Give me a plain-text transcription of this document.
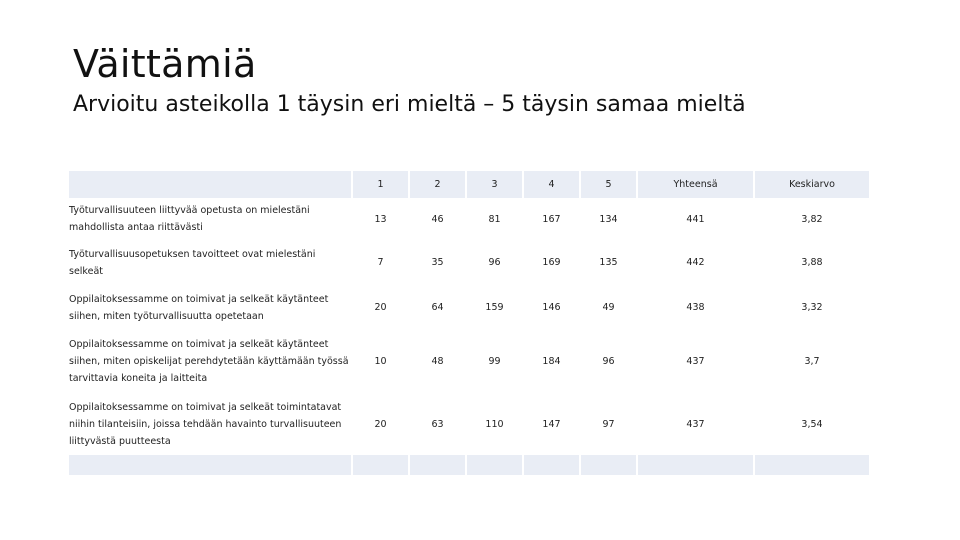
Väittämiä
Arvioitu asteikolla 1 täysin eri mieltä – 5 täysin samaa mieltä
	1	2	3	4	5	Yhteensä	Keskiarvo
Työturvallisuuteen liittyvää opetusta on mielestäni mahdollista antaa riittävästi	13	46	81	167	134	441	3,82
Työturvallisuusopetuksen tavoitteet ovat mielestäni selkeät	7	35	96	169	135	442	3,88
Oppilaitoksessamme on toimivat ja selkeät käytänteet siihen, miten työturvallisuutta opetetaan	20	64	159	146	49	438	3,32
Oppilaitoksessamme on toimivat ja selkeät käytänteet siihen, miten opiskelijat perehdytetään käyttämään työssä tarvittavia koneita ja laitteita	10	48	99	184	96	437	3,7
Oppilaitoksessamme on toimivat ja selkeät toimintatavat niihin tilanteisiin, joissa tehdään havainto turvallisuuteen liittyvästä puutteesta	20	63	110	147	97	437	3,54
